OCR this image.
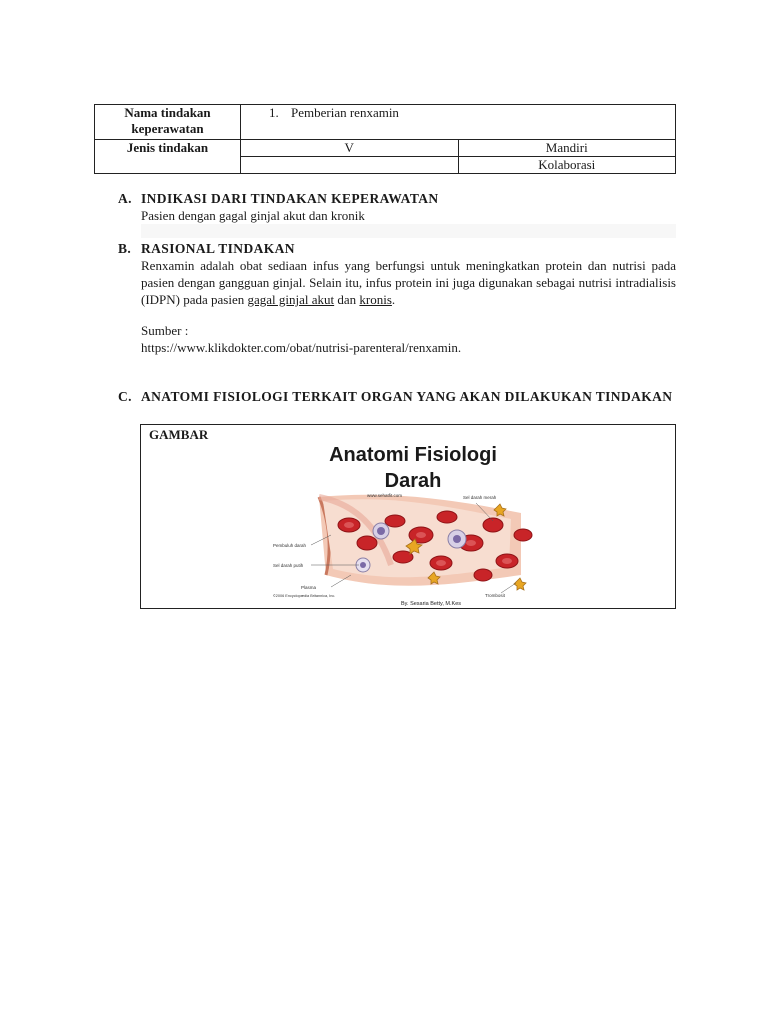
Nama tindakan keperawatan	1. Pemberian renxamin	
Jenis tindakan	V	Mandiri
		Kolaborasi
A. INDIKASI DARI TINDAKAN KEPERAWATAN
Pasien dengan gagal ginjal akut dan kronik
B. RASIONAL TINDAKAN
Renxamin adalah obat sediaan infus yang berfungsi untuk meningkatkan protein dan nutrisi pada pasien dengan gangguan ginjal. Selain itu, infus protein ini juga digunakan sebagai nutrisi intradialisis (IDPN) pada pasien gagal ginjal akut dan kronis.
Sumber :
https://www.klikdokter.com/obat/nutrisi-parenteral/renxamin.
C. ANATOMI FISIOLOGI TERKAIT ORGAN YANG AKAN DILAKUKAN TINDAKAN
GAMBAR
Anatomi Fisiologi
Darah
www.sehatfit.com	Sel darah merah
Pembuluh darah
Sel darah putih
Plasma
Trombosit
©2006 Encyclopædia Britannica, Inc.
By. Sesaria Betty, M.Kes
